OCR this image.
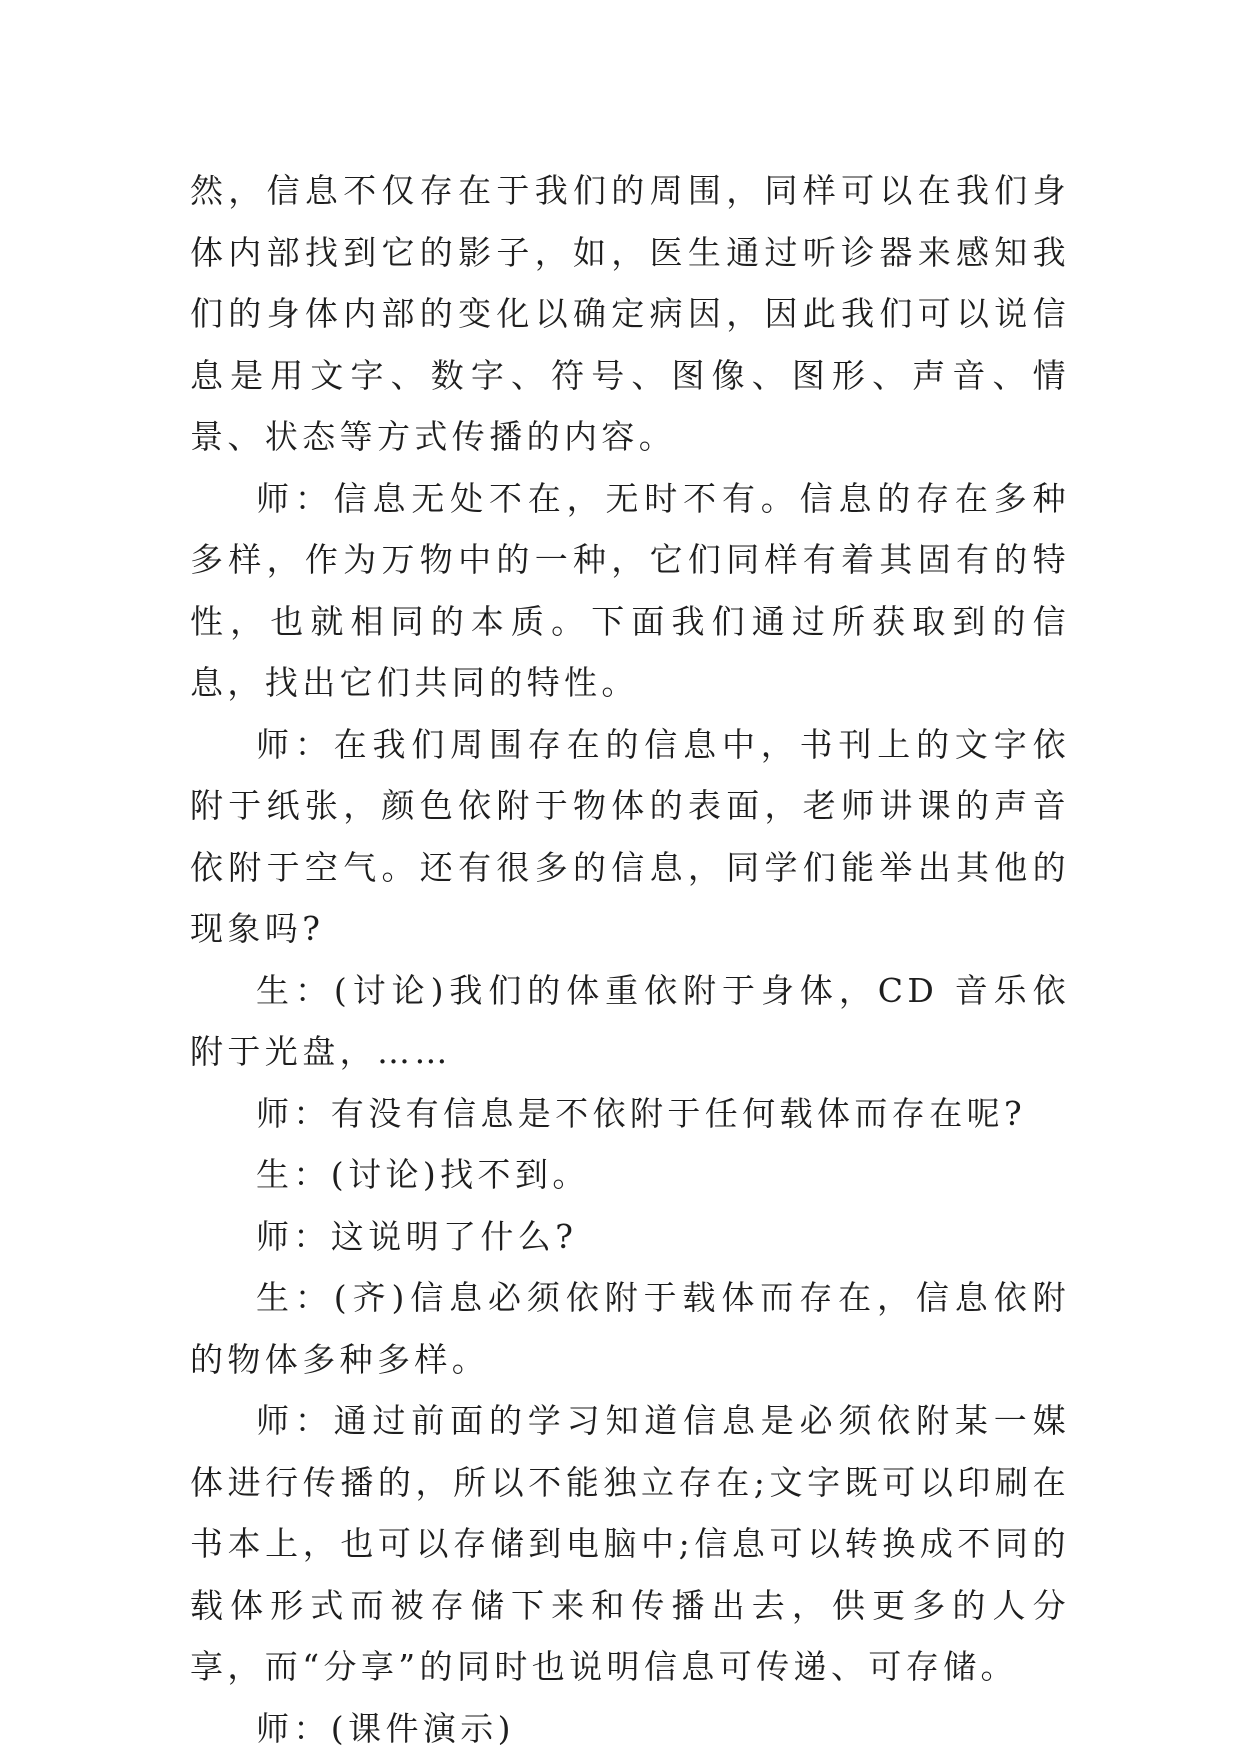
然，信息不仅存在于我们的周围，同样可以在我们身体内部找到它的影子，如，医生通过听诊器来感知我们的身体内部的变化以确定病因，因此我们可以说信息是用文字、数字、符号、图像、图形、声音、情景、状态等方式传播的内容。

师：信息无处不在，无时不有。信息的存在多种多样，作为万物中的一种，它们同样有着其固有的特性，也就相同的本质。下面我们通过所获取到的信息，找出它们共同的特性。

师：在我们周围存在的信息中，书刊上的文字依附于纸张，颜色依附于物体的表面，老师讲课的声音依附于空气。还有很多的信息，同学们能举出其他的现象吗?

生：(讨论)我们的体重依附于身体，CD 音乐依附于光盘，……

师：有没有信息是不依附于任何载体而存在呢?

生：(讨论)找不到。

师：这说明了什么?

生：(齐)信息必须依附于载体而存在，信息依附的物体多种多样。

师：通过前面的学习知道信息是必须依附某一媒体进行传播的，所以不能独立存在;文字既可以印刷在书本上，也可以存储到电脑中;信息可以转换成不同的载体形式而被存储下来和传播出去，供更多的人分享，而“分享”的同时也说明信息可传递、可存储。

师：(课件演示)
